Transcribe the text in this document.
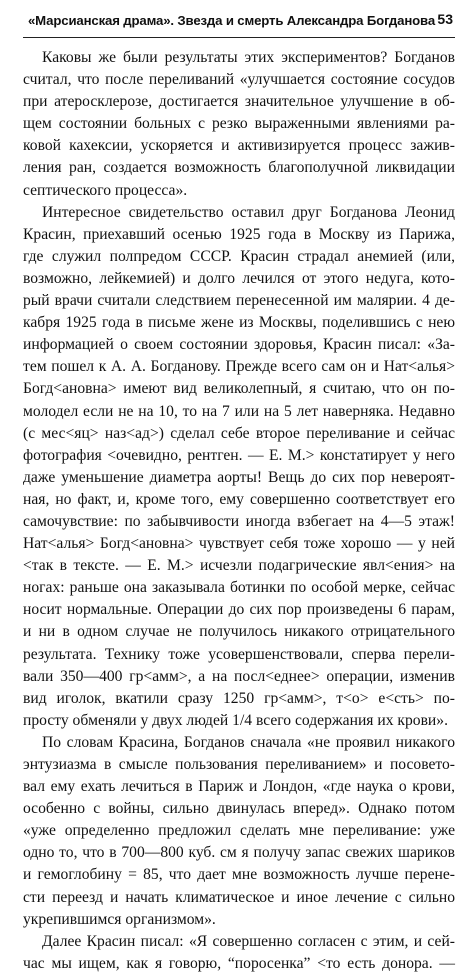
«Марсианская драма». Звезда и смерть Александра Богданова 53
Каковы же были результаты этих экспериментов? Богданов
считал, что после переливаний «улучшается состояние сосудов
при атеросклерозе, достигается значительное улучшение в об-
щем состоянии больных с резко выраженными явлениями ра-
ковой кахексии, ускоряется и активизируется процесс зажив-
ления ран, создается возможность благополучной ликвидации
септического процесса».
Интересное свидетельство оставил друг Богданова Леонид
Красин, приехавший осенью 1925 года в Москву из Парижа,
где служил полпредом СССР. Красин страдал анемией (или,
возможно, лейкемией) и долго лечился от этого недуга, кото-
рый врачи считали следствием перенесенной им малярии. 4 де-
кабря 1925 года в письме жене из Москвы, поделившись с нею
информацией о своем состоянии здоровья, Красин писал: «За-
тем пошел к А. А. Богданову. Прежде всего сам он и Нат<алья>
Богд<ановна> имеют вид великолепный, я считаю, что он по-
молодел если не на 10, то на 7 или на 5 лет наверняка. Недавно
(с мес<яц> наз<ад>) сделал себе второе переливание и сейчас
фотография <очевидно, рентген. — Е. М.> констатирует у него
даже уменьшение диаметра аорты! Вещь до сих пор невероят-
ная, но факт, и, кроме того, ему совершенно соответствует его
самочувствие: по забывчивости иногда взбегает на 4—5 этаж!
Нат<алья> Богд<ановна> чувствует себя тоже хорошо — у ней
<так в тексте. — Е. М.> исчезли подагрические явл<ения> на
ногах: раньше она заказывала ботинки по особой мерке, сейчас
носит нормальные. Операции до сих пор произведены 6 парам,
и ни в одном случае не получилось никакого отрицательного
результата. Технику тоже усовершенствовали, сперва перели-
вали 350—400 гр<амм>, а на посл<еднее> операции, изменив
вид иголок, вкатили сразу 1250 гр<амм>, т<о> е<сть> по-
просту обменяли у двух людей 1/4 всего содержания их крови».
По словам Красина, Богданов сначала «не проявил никакого
энтузиазма в смысле пользования переливанием» и посовето-
вал ему ехать лечиться в Париж и Лондон, «где наука о крови,
особенно с войны, сильно двинулась вперед». Однако потом
«уже определенно предложил сделать мне переливание: уже
одно то, что в 700—800 куб. см я получу запас свежих шариков
и гемоглобину = 85, что дает мне возможность лучше перене-
сти переезд и начать климатическое и иное лечение с сильно
укрепившимся организмом».
Далее Красин писал: «Я совершенно согласен с этим, и сей-
час мы ищем, как я говорю, “поросенка” <то есть донора. —
